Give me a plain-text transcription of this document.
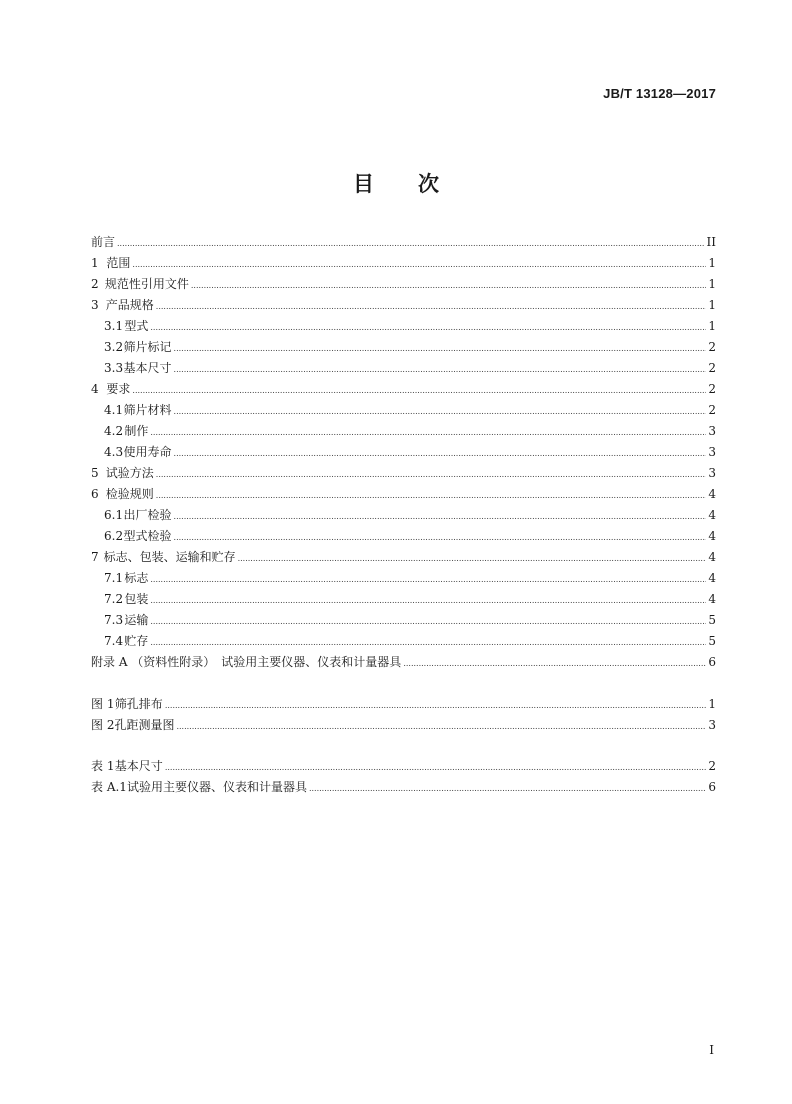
JB/T 13128—2017
目次
前言 .....	II
1 范围 .....	1
2 规范性引用文件 .....	1
3 产品规格 .....	1
3.1 型式 .....	1
3.2 筛片标记 .....	2
3.3 基本尺寸 .....	2
4 要求 .....	2
4.1 筛片材料 .....	2
4.2 制作 .....	3
4.3 使用寿命 .....	3
5 试验方法 .....	3
6 检验规则 .....	4
6.1 出厂检验 .....	4
6.2 型式检验 .....	4
7 标志、包装、运输和贮存 .....	4
7.1 标志 .....	4
7.2 包装 .....	4
7.3 运输 .....	5
7.4 贮存 .....	5
附录 A （资料性附录）　试验用主要仪器、仪表和计量器具 .....	6
图 1 筛孔排布 .....	1
图 2 孔距测量图 .....	3
表 1 基本尺寸 .....	2
表 A.1 试验用主要仪器、仪表和计量器具 .....	6
I
